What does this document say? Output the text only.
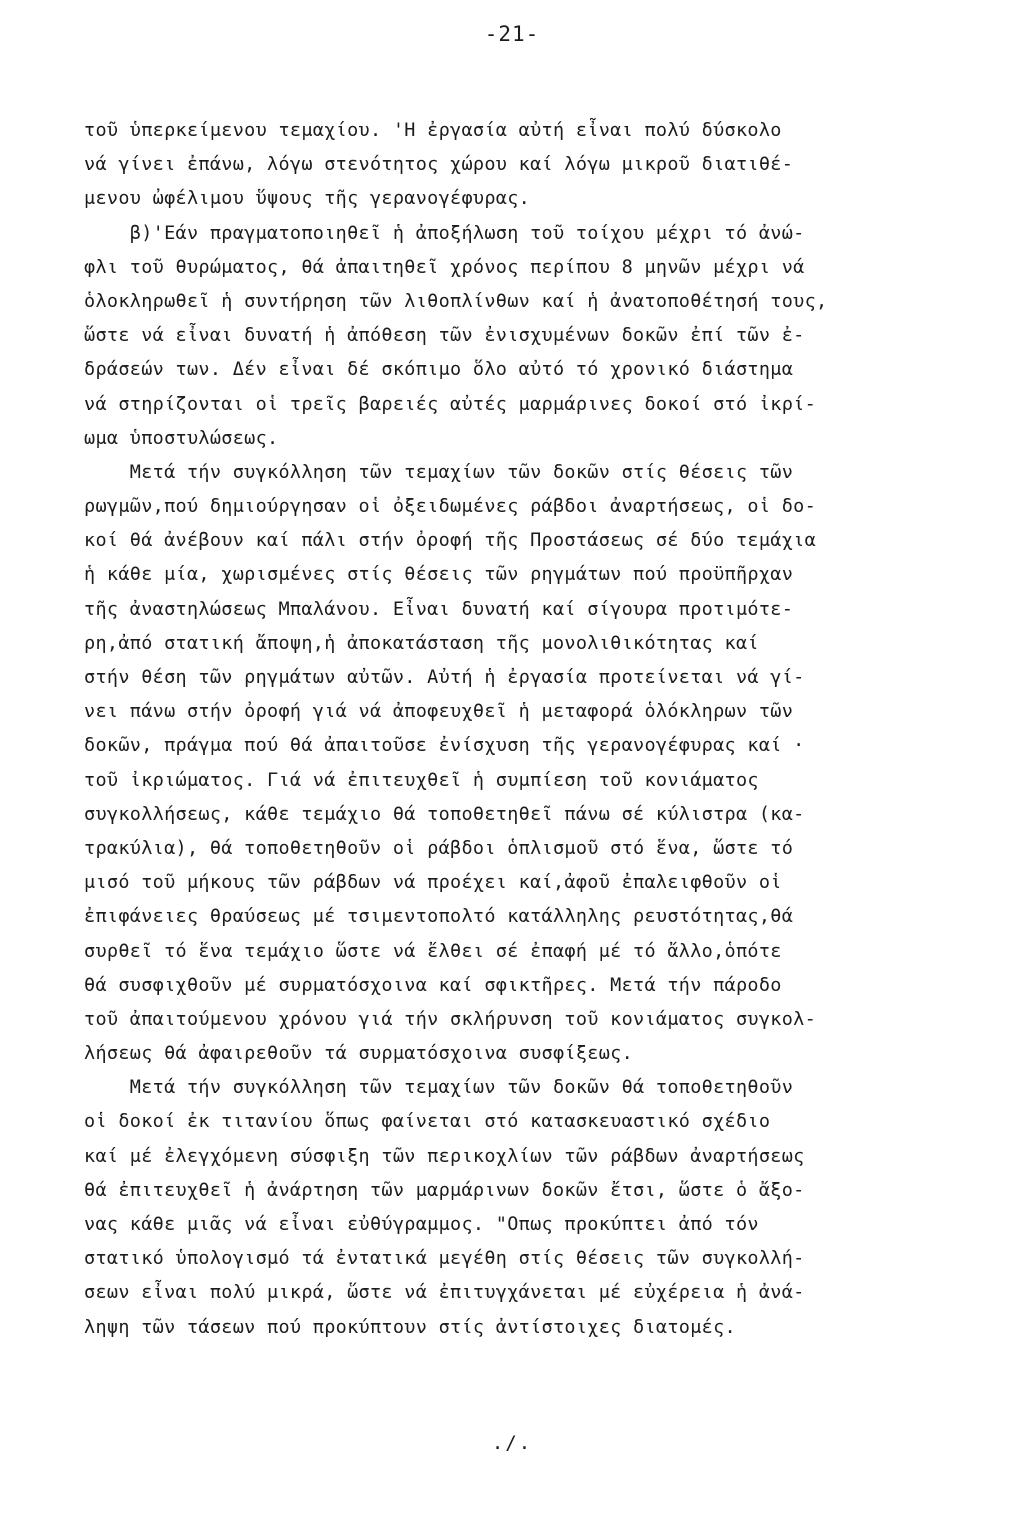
-21-
τοῦ ὑπερκείμενου τεμαχίου. 'Η ἐργασία αὐτή εἶναι πολύ δύσκολο
νά γίνει ἐπάνω, λόγω στενότητος χώρου καί λόγω μικροῦ διατιθέ-
μενου ὠφέλιμου ὕψους τῆς γερανογέφυρας.
β)'Εάν πραγματοποιηθεῖ ἡ ἀποξήλωση τοῦ τοίχου μέχρι τό ἀνώ-
φλι τοῦ θυρώματος, θά ἀπαιτηθεῖ χρόνος περίπου 8 μηνῶν μέχρι νά
ὁλοκληρωθεῖ ἡ συντήρηση τῶν λιθοπλίνθων καί ἡ ἀνατοποθέτησή τους,
ὥστε νά εἶναι δυνατή ἡ ἀπόθεση τῶν ἐνισχυμένων δοκῶν ἐπί τῶν ἐ-
δράσεών των. Δέν εἶναι δέ σκόπιμο ὅλο αὐτό τό χρονικό διάστημα
νά στηρίζονται οἱ τρεῖς βαρειές αὐτές μαρμάρινες δοκοί στό ἰκρί-
ωμα ὑποστυλώσεως.
Μετά τήν συγκόλληση τῶν τεμαχίων τῶν δοκῶν στίς θέσεις τῶν
ρωγμῶν,πού δημιούργησαν οἱ ὀξειδωμένες ράβδοι ἀναρτήσεως, οἱ δο-
κοί θά ἀνέβουν καί πάλι στήν ὀροφή τῆς Προστάσεως σέ δύο τεμάχια
ἡ κάθε μία, χωρισμένες στίς θέσεις τῶν ρηγμάτων πού προϋπῆρχαν
τῆς ἀναστηλώσεως Μπαλάνου. Εἶναι δυνατή καί σίγουρα προτιμότε-
ρη,ἀπό στατική ἄποψη,ἡ ἀποκατάσταση τῆς μονολιθικότητας καί
στήν θέση τῶν ρηγμάτων αὐτῶν. Αὐτή ἡ ἐργασία προτείνεται νά γί-
νει πάνω στήν ὀροφή γιά νά ἀποφευχθεῖ ἡ μεταφορά ὁλόκληρων τῶν
δοκῶν, πράγμα πού θά ἀπαιτοῦσε ἐνίσχυση τῆς γερανογέφυρας καί ·
τοῦ ἰκριώματος. Γιά νά ἐπιτευχθεῖ ἡ συμπίεση τοῦ κονιάματος
συγκολλήσεως, κάθε τεμάχιο θά τοποθετηθεῖ πάνω σέ κύλιστρα (κα-
τρακύλια), θά τοποθετηθοῦν οἱ ράβδοι ὁπλισμοῦ στό ἕνα, ὥστε τό
μισό τοῦ μήκους τῶν ράβδων νά προέχει καί,ἀφοῦ ἐπαλειφθοῦν οἱ
ἐπιφάνειες θραύσεως μέ τσιμεντοπολτό κατάλληλης ρευστότητας,θά
συρθεῖ τό ἕνα τεμάχιο ὥστε νά ἔλθει σέ ἐπαφή μέ τό ἄλλο,ὁπότε
θά συσφιχθοῦν μέ συρματόσχοινα καί σφικτῆρες. Μετά τήν πάροδο
τοῦ ἀπαιτούμενου χρόνου γιά τήν σκλήρυνση τοῦ κονιάματος συγκολ-
λήσεως θά ἀφαιρεθοῦν τά συρματόσχοινα συσφίξεως.
Μετά τήν συγκόλληση τῶν τεμαχίων τῶν δοκῶν θά τοποθετηθοῦν
οἱ δοκοί ἐκ τιτανίου ὅπως φαίνεται στό κατασκευαστικό σχέδιο
καί μέ ἐλεγχόμενη σύσφιξη τῶν περικοχλίων τῶν ράβδων ἀναρτήσεως
θά ἐπιτευχθεῖ ἡ ἀνάρτηση τῶν μαρμάρινων δοκῶν ἔτσι, ὥστε ὁ ἄξο-
νας κάθε μιᾶς νά εἶναι εὐθύγραμμος. "Οπως προκύπτει ἀπό τόν
στατικό ὑπολογισμό τά ἐντατικά μεγέθη στίς θέσεις τῶν συγκολλή-
σεων εἶναι πολύ μικρά, ὥστε νά ἐπιτυγχάνεται μέ εὐχέρεια ἡ ἀνά-
ληψη τῶν τάσεων πού προκύπτουν στίς ἀντίστοιχες διατομές.
./.
